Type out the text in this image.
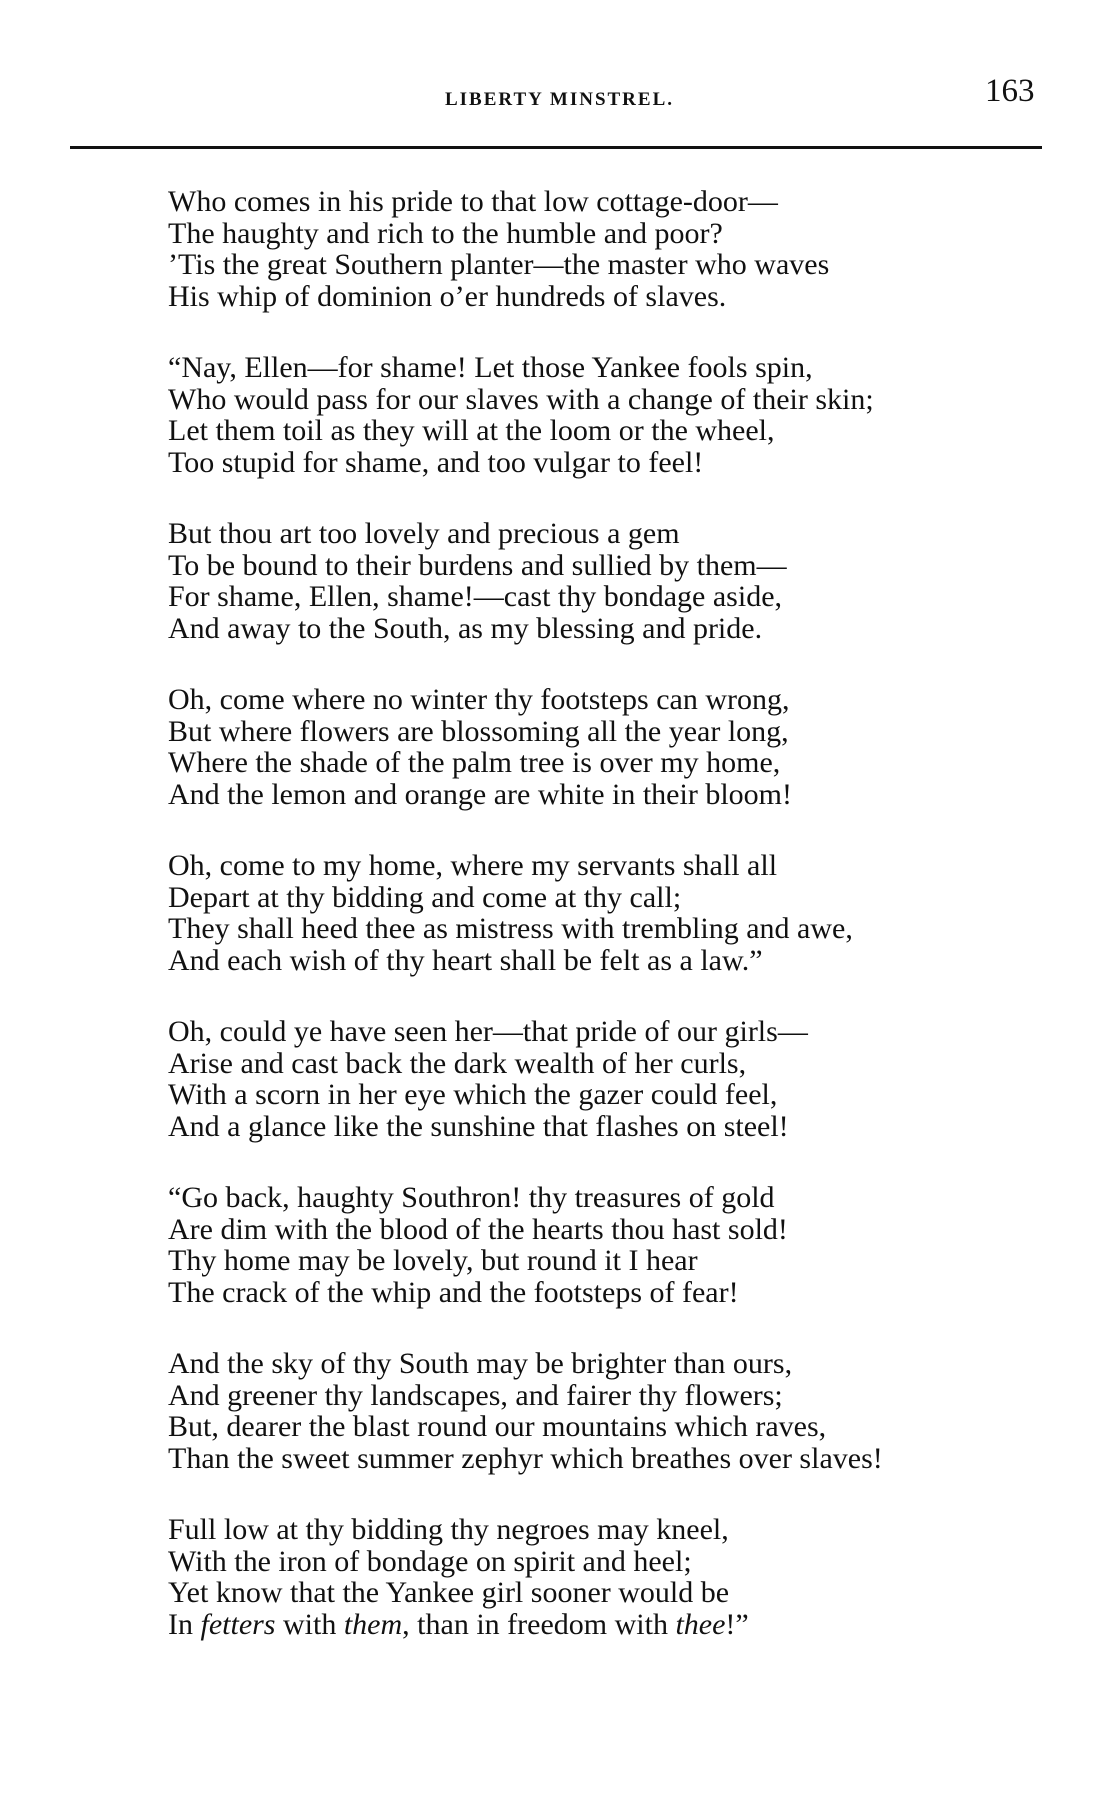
LIBERTY MINSTREL.	163
Who comes in his pride to that low cottage-door—
The haughty and rich to the humble and poor?
’Tis the great Southern planter—the master who waves
His whip of dominion o’er hundreds of slaves.
“Nay, Ellen—for shame! Let those Yankee fools spin,
Who would pass for our slaves with a change of their skin;
Let them toil as they will at the loom or the wheel,
Too stupid for shame, and too vulgar to feel!
But thou art too lovely and precious a gem
To be bound to their burdens and sullied by them—
For shame, Ellen, shame!—cast thy bondage aside,
And away to the South, as my blessing and pride.
Oh, come where no winter thy footsteps can wrong,
But where flowers are blossoming all the year long,
Where the shade of the palm tree is over my home,
And the lemon and orange are white in their bloom!
Oh, come to my home, where my servants shall all
Depart at thy bidding and come at thy call;
They shall heed thee as mistress with trembling and awe,
And each wish of thy heart shall be felt as a law.”
Oh, could ye have seen her—that pride of our girls—
Arise and cast back the dark wealth of her curls,
With a scorn in her eye which the gazer could feel,
And a glance like the sunshine that flashes on steel!
“Go back, haughty Southron! thy treasures of gold
Are dim with the blood of the hearts thou hast sold!
Thy home may be lovely, but round it I hear
The crack of the whip and the footsteps of fear!
And the sky of thy South may be brighter than ours,
And greener thy landscapes, and fairer thy flowers;
But, dearer the blast round our mountains which raves,
Than the sweet summer zephyr which breathes over slaves!
Full low at thy bidding thy negroes may kneel,
With the iron of bondage on spirit and heel;
Yet know that the Yankee girl sooner would be
In fetters with them, than in freedom with thee!”
